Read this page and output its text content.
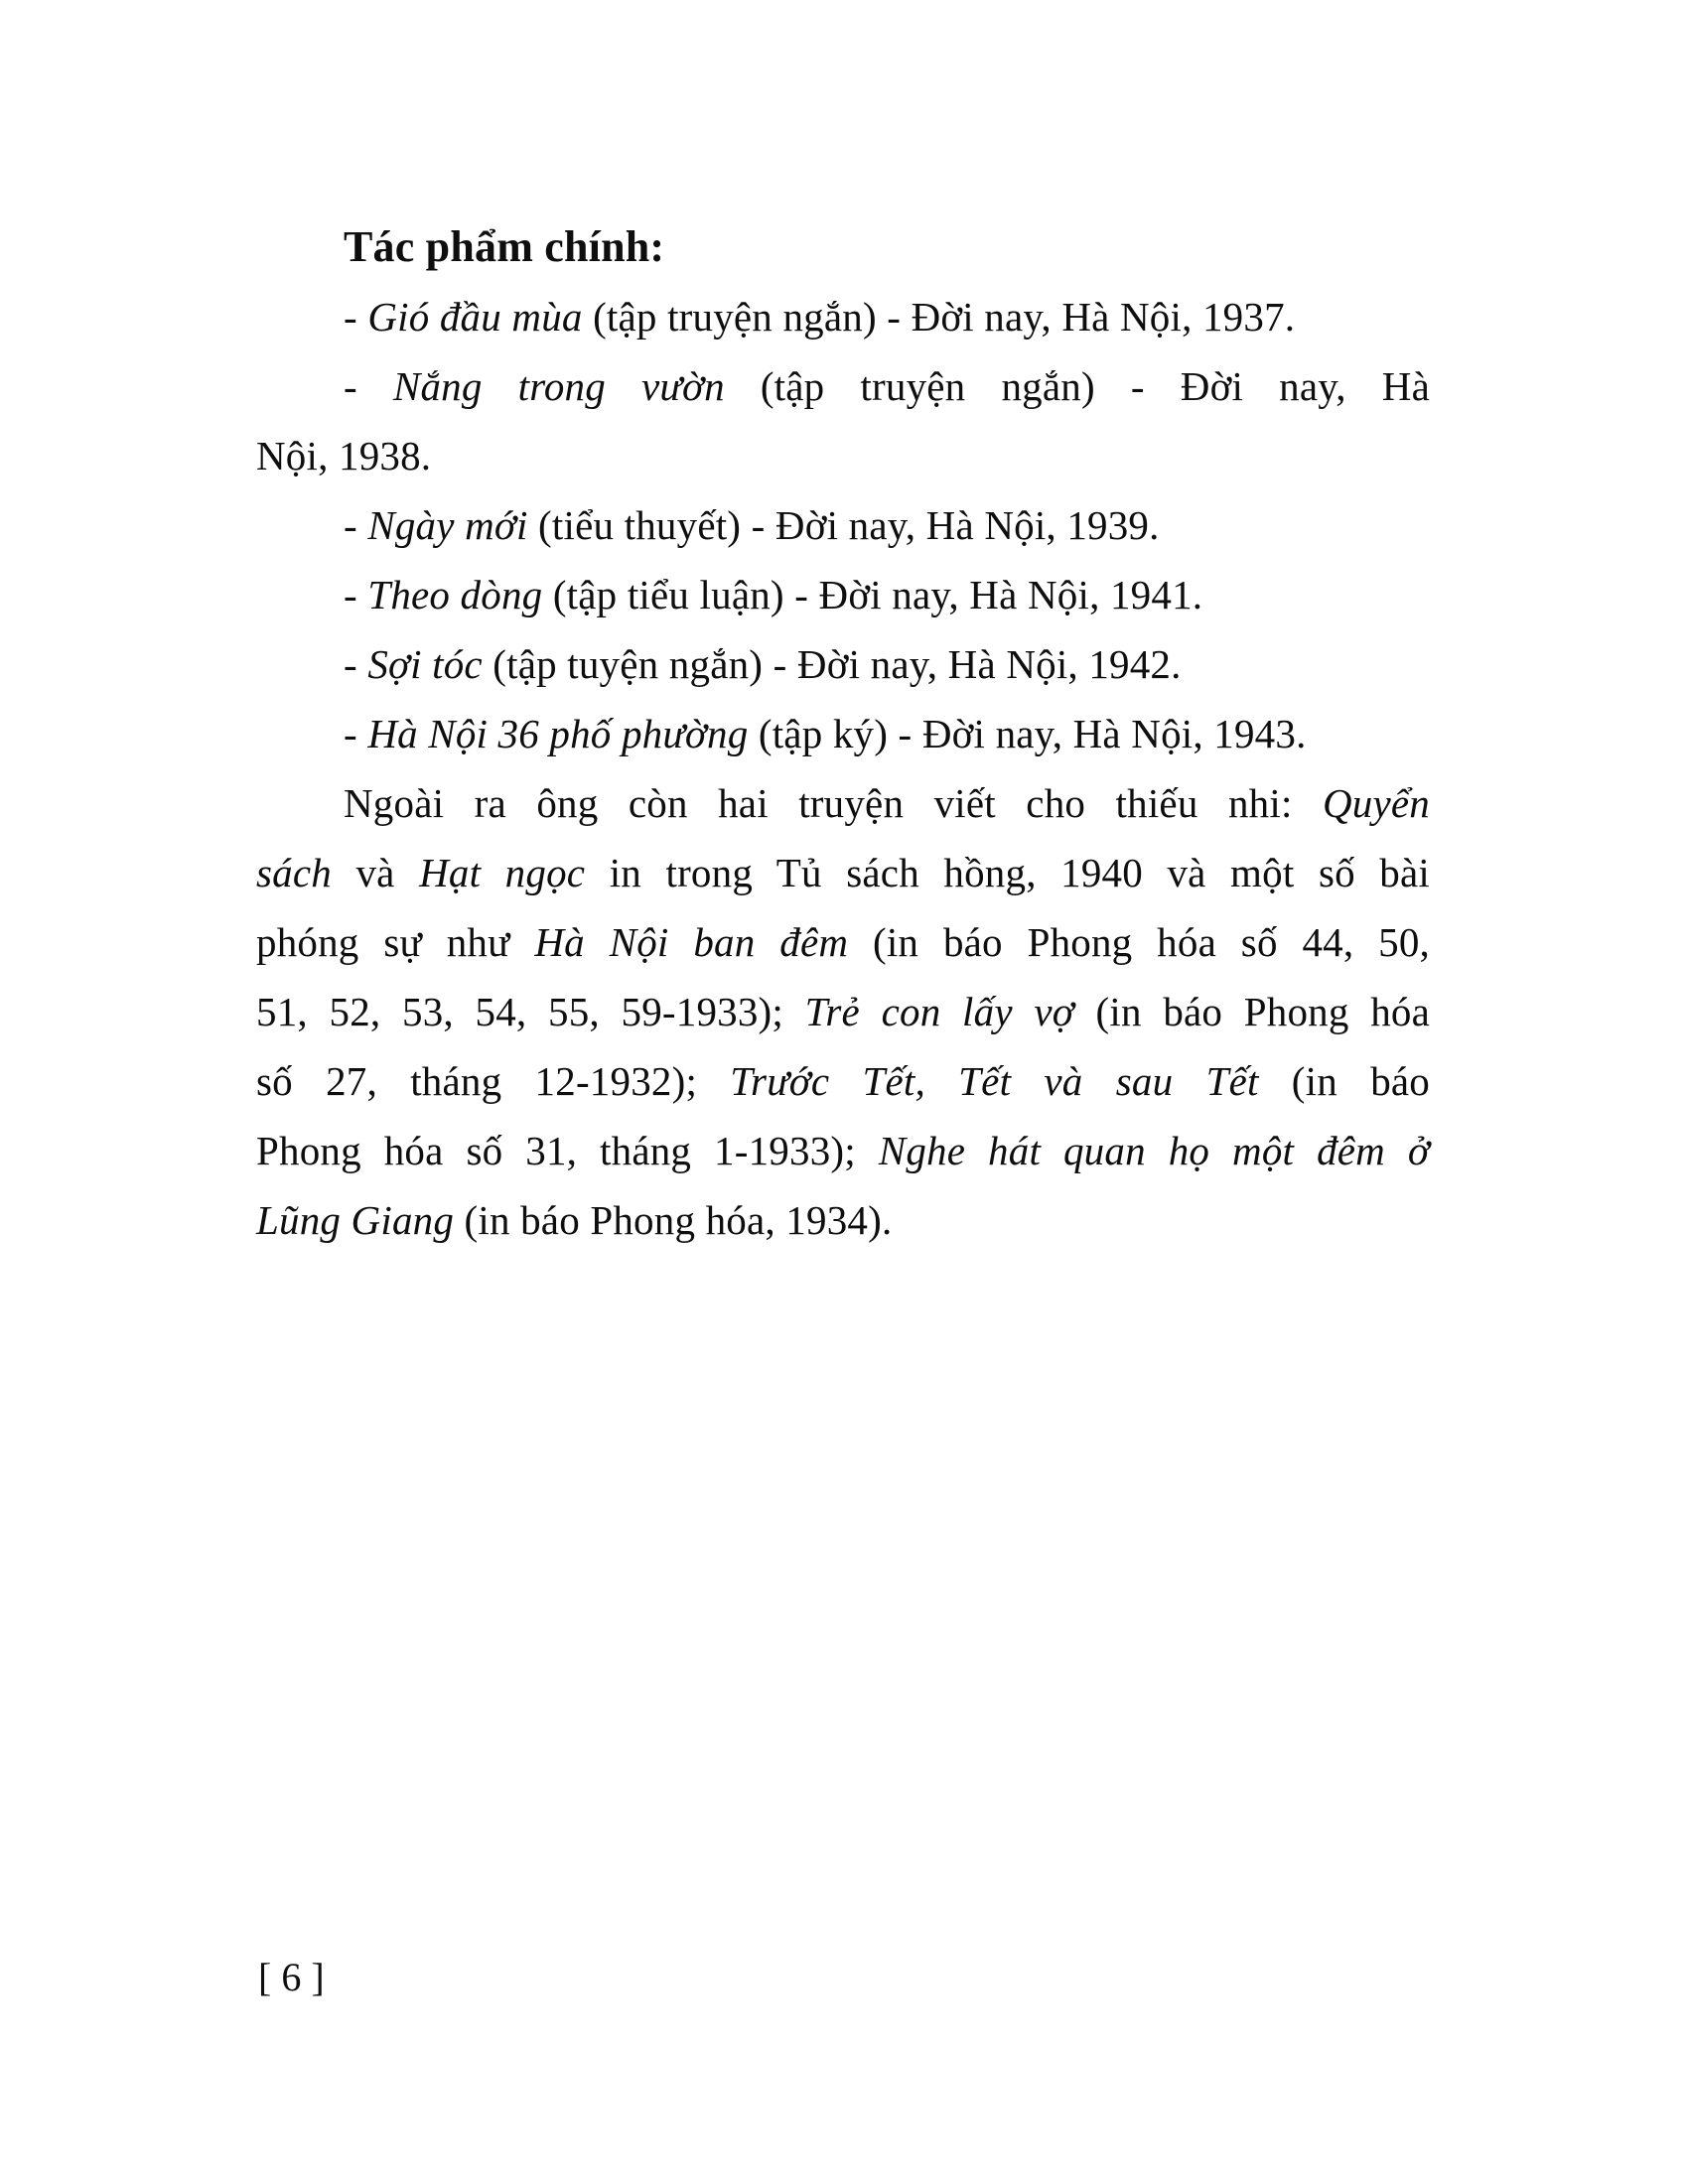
Tác phẩm chính:
- Gió đầu mùa (tập truyện ngắn) - Đời nay, Hà Nội, 1937.
- Nắng trong vườn (tập truyện ngắn) - Đời nay, Hà
Nội, 1938.
- Ngày mới (tiểu thuyết) - Đời nay, Hà Nội, 1939.
- Theo dòng (tập tiểu luận) - Đời nay, Hà Nội, 1941.
- Sợi tóc (tập tuyện ngắn) - Đời nay, Hà Nội, 1942.
- Hà Nội 36 phố phường (tập ký) - Đời nay, Hà Nội, 1943.
Ngoài ra ông còn hai truyện viết cho thiếu nhi: Quyển
sách và Hạt ngọc in trong Tủ sách hồng, 1940 và một số bài
phóng sự như Hà Nội ban đêm (in báo Phong hóa số 44, 50,
51, 52, 53, 54, 55, 59-1933); Trẻ con lấy vợ (in báo Phong hóa
số 27, tháng 12-1932); Trước Tết, Tết và sau Tết (in báo
Phong hóa số 31, tháng 1-1933); Nghe hát quan họ một đêm ở
Lũng Giang (in báo Phong hóa, 1934).
[ 6 ]
